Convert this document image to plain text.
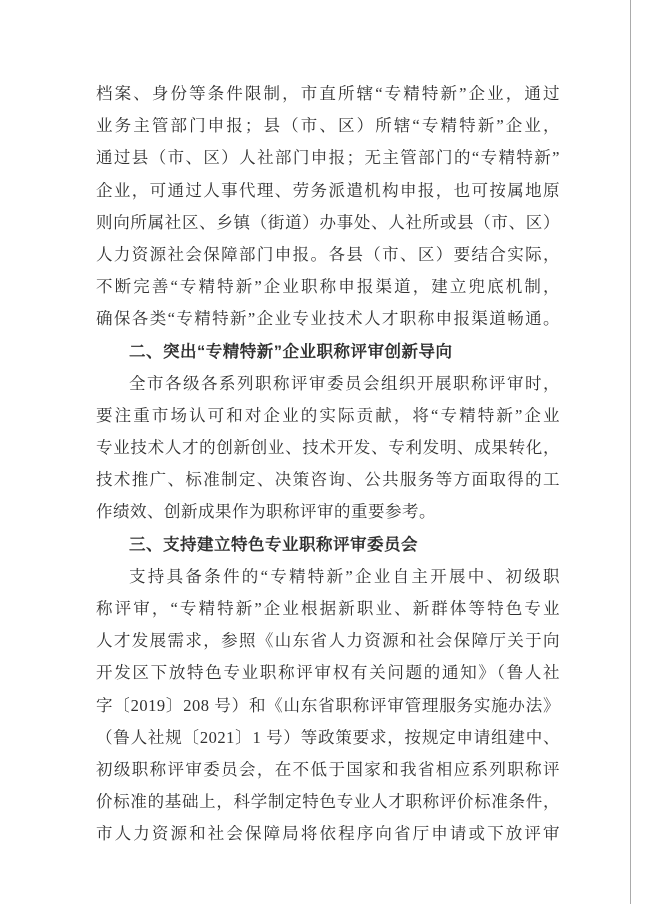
档案、身份等条件限制，市直所辖“专精特新”企业，通过
业务主管部门申报；县（市、区）所辖“专精特新”企业，
通过县（市、区）人社部门申报；无主管部门的“专精特新”
企业，可通过人事代理、劳务派遣机构申报，也可按属地原
则向所属社区、乡镇（街道）办事处、人社所或县（市、区）
人力资源社会保障部门申报。各县（市、区）要结合实际，
不断完善“专精特新”企业职称申报渠道，建立兜底机制，
确保各类“专精特新”企业专业技术人才职称申报渠道畅通。
二、突出“专精特新”企业职称评审创新导向
全市各级各系列职称评审委员会组织开展职称评审时，
要注重市场认可和对企业的实际贡献，将“专精特新”企业
专业技术人才的创新创业、技术开发、专利发明、成果转化，
技术推广、标准制定、决策咨询、公共服务等方面取得的工
作绩效、创新成果作为职称评审的重要参考。
三、支持建立特色专业职称评审委员会
支持具备条件的“专精特新”企业自主开展中、初级职
称评审，“专精特新”企业根据新职业、新群体等特色专业
人才发展需求，参照《山东省人力资源和社会保障厅关于向
开发区下放特色专业职称评审权有关问题的通知》（鲁人社
字〔2019〕208 号）和《山东省职称评审管理服务实施办法》
（鲁人社规〔2021〕1 号）等政策要求，按规定申请组建中、
初级职称评审委员会，在不低于国家和我省相应系列职称评
价标准的基础上，科学制定特色专业人才职称评价标准条件，
市人力资源和社会保障局将依程序向省厅申请或下放评审
